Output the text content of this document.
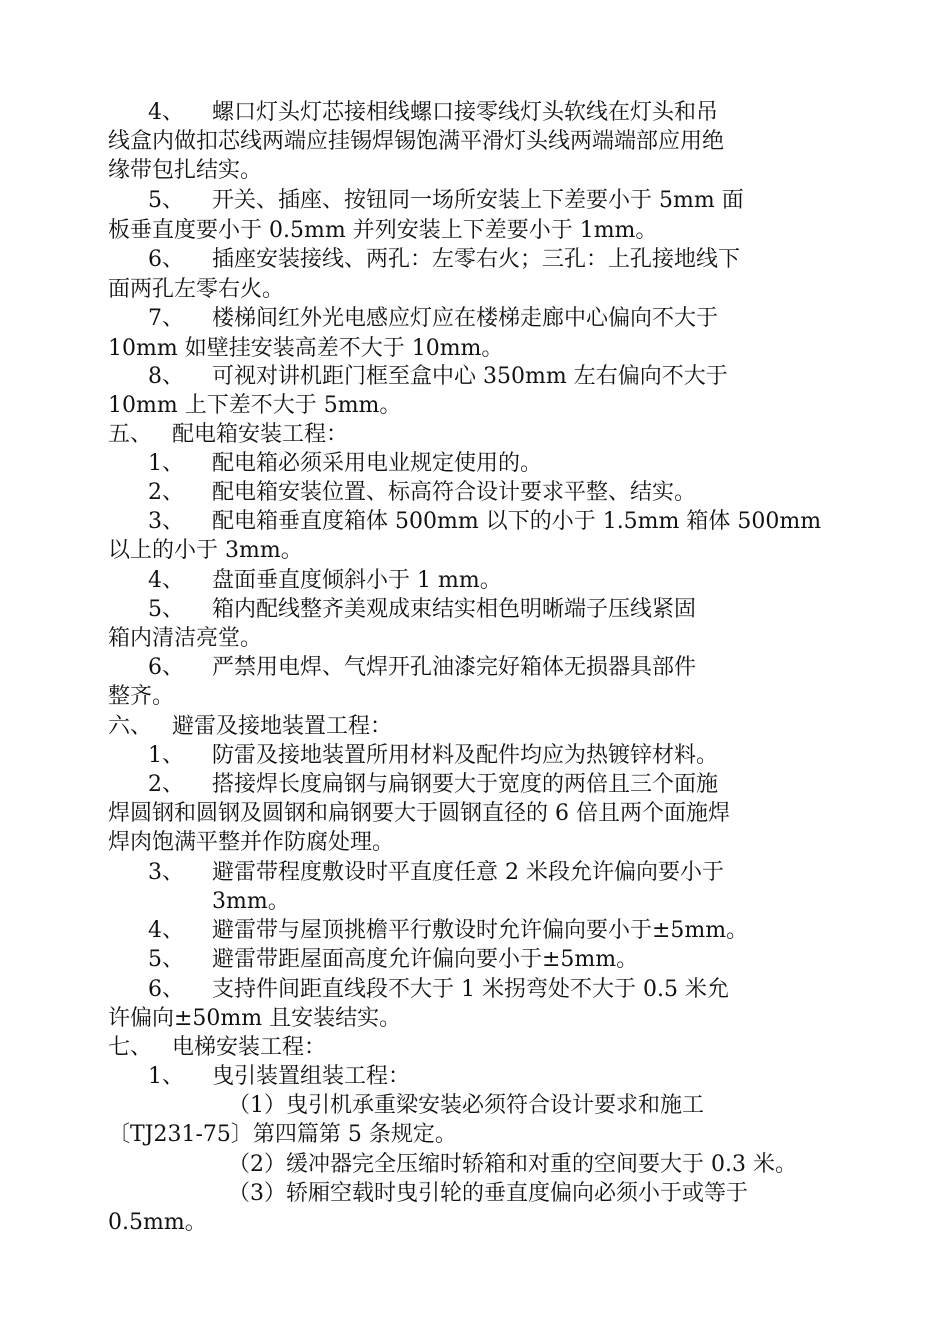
4、 螺口灯头灯芯接相线螺口接零线灯头软线在灯头和吊
线盒内做扣芯线两端应挂锡焊锡饱满平滑灯头线两端端部应用绝
缘带包扎结实。
5、 开关、插座、按钮同一场所安装上下差要小于 5mm 面
板垂直度要小于 0.5mm 并列安装上下差要小于 1mm。
6、 插座安装接线、两孔：左零右火；三孔：上孔接地线下
面两孔左零右火。
7、 楼梯间红外光电感应灯应在楼梯走廊中心偏向不大于
10mm 如壁挂安装高差不大于 10mm。
8、 可视对讲机距门框至盒中心 350mm 左右偏向不大于
10mm 上下差不大于 5mm。
五、 配电箱安装工程：
1、 配电箱必须采用电业规定使用的。
2、 配电箱安装位置、标高符合设计要求平整、结实。
3、 配电箱垂直度箱体 500mm 以下的小于 1.5mm 箱体 500mm
以上的小于 3mm。
4、 盘面垂直度倾斜小于 1 mm。
5、 箱内配线整齐美观成束结实相色明晰端子压线紧固
箱内清洁亮堂。
6、 严禁用电焊、气焊开孔油漆完好箱体无损器具部件
整齐。
六、 避雷及接地装置工程：
1、 防雷及接地装置所用材料及配件均应为热镀锌材料。
2、 搭接焊长度扁钢与扁钢要大于宽度的两倍且三个面施
焊圆钢和圆钢及圆钢和扁钢要大于圆钢直径的 6 倍且两个面施焊
焊肉饱满平整并作防腐处理。
3、 避雷带程度敷设时平直度任意 2 米段允许偏向要小于
3mm。
4、 避雷带与屋顶挑檐平行敷设时允许偏向要小于±5mm。
5、 避雷带距屋面高度允许偏向要小于±5mm。
6、 支持件间距直线段不大于 1 米拐弯处不大于 0.5 米允
许偏向±50mm 且安装结实。
七、 电梯安装工程：
1、 曳引装置组装工程：
（1）曳引机承重梁安装必须符合设计要求和施工
〔TJ231-75〕第四篇第 5 条规定。
（2）缓冲器完全压缩时轿箱和对重的空间要大于 0.3 米。
（3）轿厢空载时曳引轮的垂直度偏向必须小于或等于
0.5mm。
